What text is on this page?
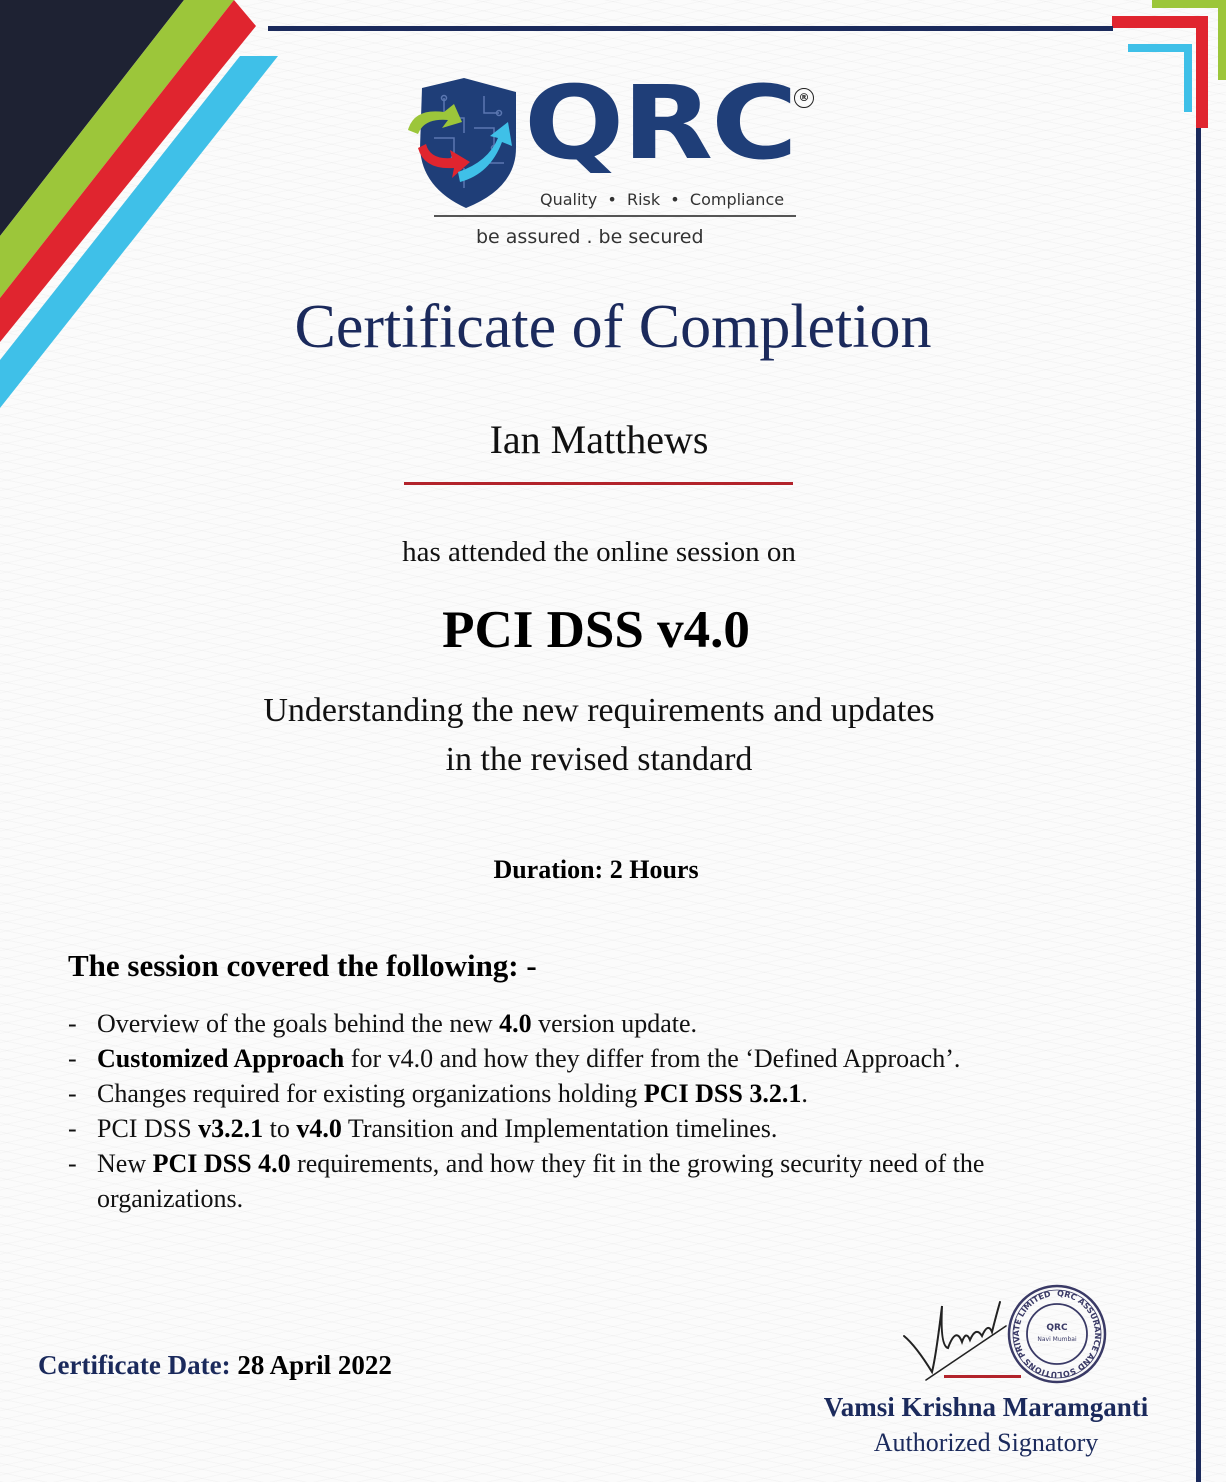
QRC ®
Quality • Risk • Compliance
be assured . be secured
Certificate of Completion
Ian Matthews
has attended the online session on
PCI DSS v4.0
Understanding the new requirements and updates
in the revised standard
Duration: 2 Hours
The session covered the following: -
- Overview of the goals behind the new 4.0 version update.
- Customized Approach for v4.0 and how they differ from the ‘Defined Approach’.
- Changes required for existing organizations holding PCI DSS 3.2.1.
- PCI DSS v3.2.1 to v4.0 Transition and Implementation timelines.
- New PCI DSS 4.0 requirements, and how they fit in the growing security need of the organizations.
Certificate Date: 28 April 2022
QRC ASSURANCE AND SOLUTIONS PRIVATE LIMITED
QRC
Navi Mumbai
Vamsi Krishna Maramganti
Authorized Signatory
